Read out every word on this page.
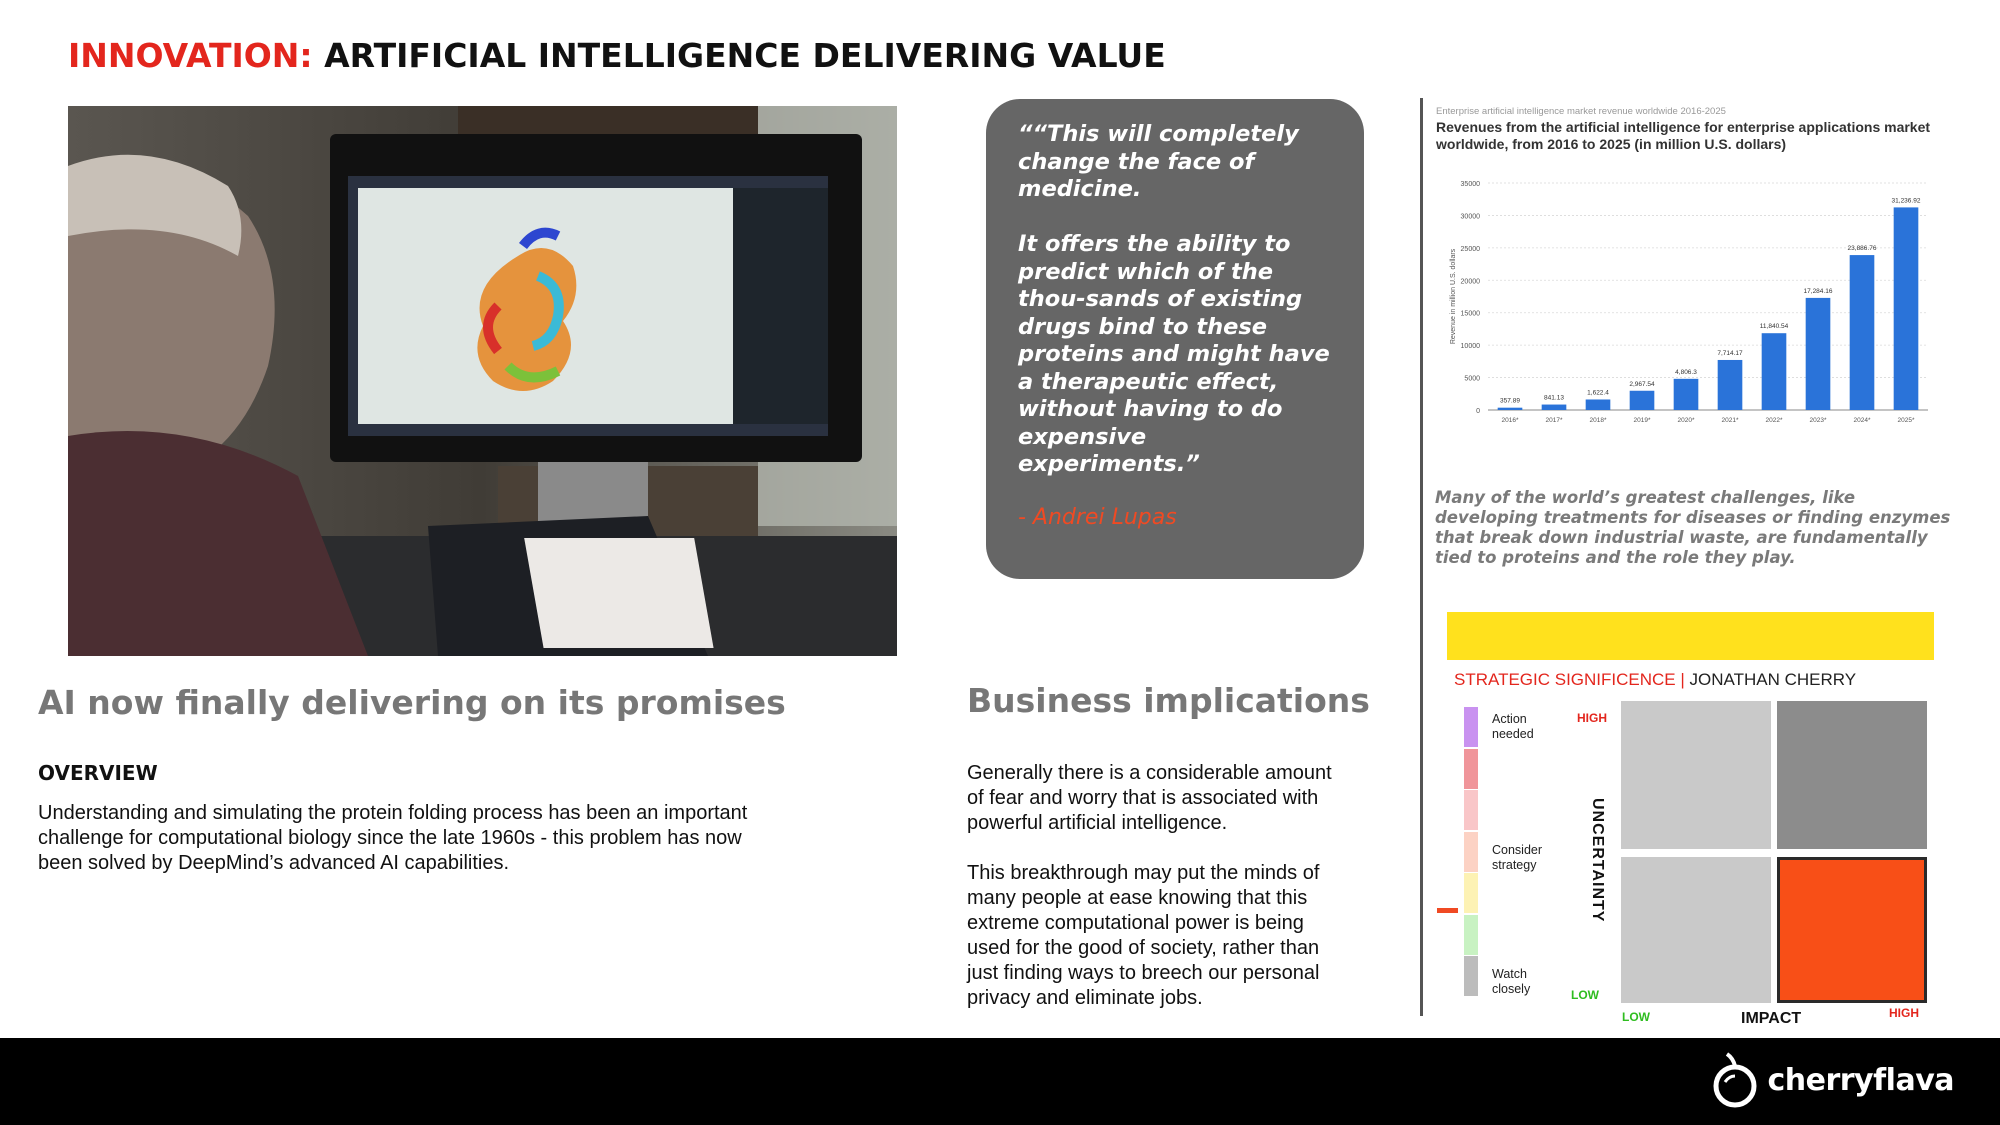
INNOVATION: ARTIFICIAL INTELLIGENCE DELIVERING VALUE
““This will completely change the face of medicine.

It offers the ability to predict which of the thou-sands of existing drugs bind to these proteins and might have a therapeutic effect, without having to do expensive experiments.”
- Andrei Lupas
Enterprise artificial intelligence market revenue worldwide 2016-2025
Revenues from the artificial intelligence for enterprise applications market worldwide, from 2016 to 2025 (in million U.S. dollars)
0
5000
10000
15000
20000
25000
30000
35000
Revenue in million U.S. dollars
357.89
2016*
841.13
2017*
1,622.4
2018*
2,967.54
2019*
4,806.3
2020*
7,714.17
2021*
11,840.54
2022*
17,284.16
2023*
23,886.76
2024*
31,236.92
2025*
Many of the world’s greatest challenges, like developing treatments for diseases or finding enzymes that break down industrial waste, are fundamentally tied to proteins and the role they play.
STRATEGIC SIGNIFICENCE | JONATHAN CHERRY
Action
needed
Consider
strategy
Watch
closely
HIGH
LOW
UNCERTAINTY
LOW	HIGH
IMPACT
AI now finally delivering on its promises
OVERVIEW
Understanding and simulating the protein folding process has been an important
challenge for computational biology since the late 1960s - this problem has now
been solved by DeepMind’s advanced AI capabilities.
Business implications
Generally there is a considerable amount
of fear and worry that is associated with
powerful artificial intelligence.

This breakthrough may put the minds of
many people at ease knowing that this
extreme computational power is being
used for the good of society, rather than
just finding ways to breech our personal
privacy and eliminate jobs.
cherryflava
